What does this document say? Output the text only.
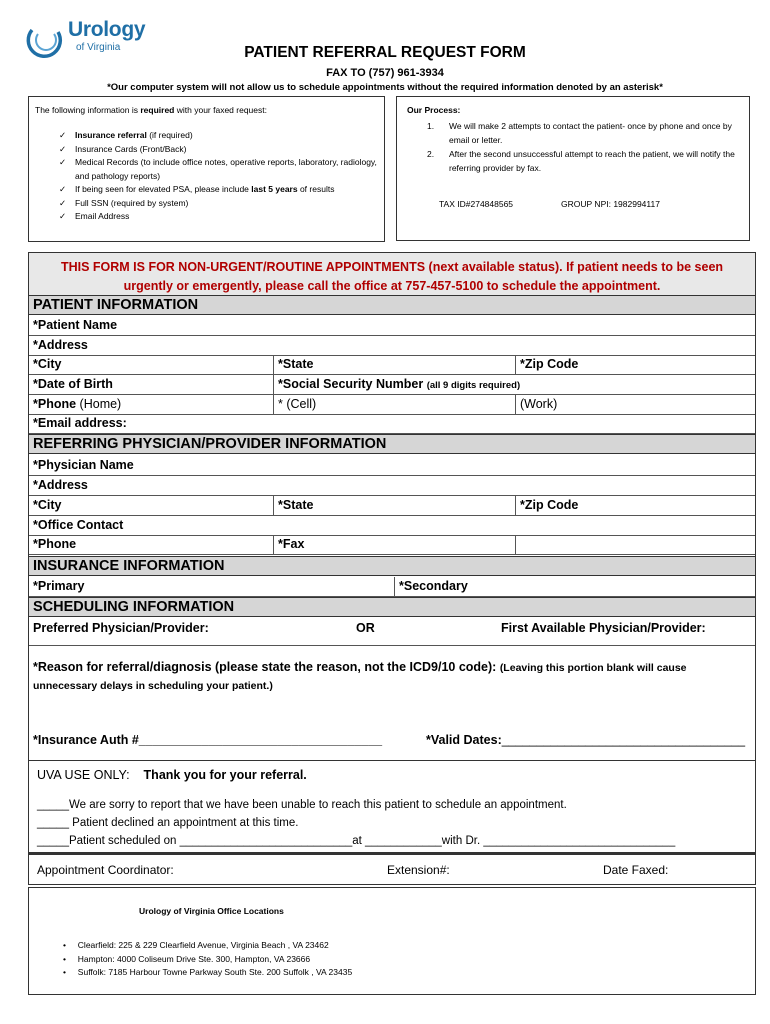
Urology
of Virginia	PATIENT REFERRAL REQUEST FORM
FAX TO (757) 961-3934
*Our computer system will not allow us to schedule appointments without the required information denoted by an asterisk*
The following information is required with your faxed request:
✓ Insurance referral (if required)
✓ Insurance Cards (Front/Back)
✓ Medical Records (to include office notes, operative reports, laboratory, radiology, and pathology reports)
✓ If being seen for elevated PSA, please include last 5 years of results
✓ Full SSN (required by system)
✓ Email Address
Our Process:
1. We will make 2 attempts to contact the patient- once by phone and once by email or letter.
2. After the second unsuccessful attempt to reach the patient, we will notify the referring provider by fax.
TAX ID#274848565	GROUP NPI: 1982994117
THIS FORM IS FOR NON-URGENT/ROUTINE APPOINTMENTS (next available status). If patient needs to be seen
urgently or emergently, please call the office at 757-457-5100 to schedule the appointment.
PATIENT INFORMATION
*Patient Name
*Address
*City	*State	*Zip Code
*Date of Birth	*Social Security Number (all 9 digits required)
*Phone (Home)	* (Cell)	(Work)
*Email address:
REFERRING PHYSICIAN/PROVIDER INFORMATION
*Physician Name
*Address
*City	*State	*Zip Code
*Office Contact
*Phone	*Fax
INSURANCE INFORMATION
*Primary	*Secondary
SCHEDULING INFORMATION
Preferred Physician/Provider:	OR	First Available Physician/Provider:
*Reason for referral/diagnosis (please state the reason, not the ICD9/10 code): (Leaving this portion blank will cause unnecessary delays in scheduling your patient.)
*Insurance Auth #___________________________________	*Valid Dates:___________________________________
UVA USE ONLY: Thank you for your referral.
_____We are sorry to report that we have been unable to reach this patient to schedule an appointment.
_____ Patient declined an appointment at this time.
_____Patient scheduled on ___________________________at ____________with Dr. ______________________________
Appointment Coordinator:	Extension#:	Date Faxed:
Urology of Virginia Office Locations
• Clearfield: 225 & 229 Clearfield Avenue, Virginia Beach , VA 23462
• Hampton: 4000 Coliseum Drive Ste. 300, Hampton, VA 23666
• Suffolk: 7185 Harbour Towne Parkway South Ste. 200 Suffolk , VA 23435
